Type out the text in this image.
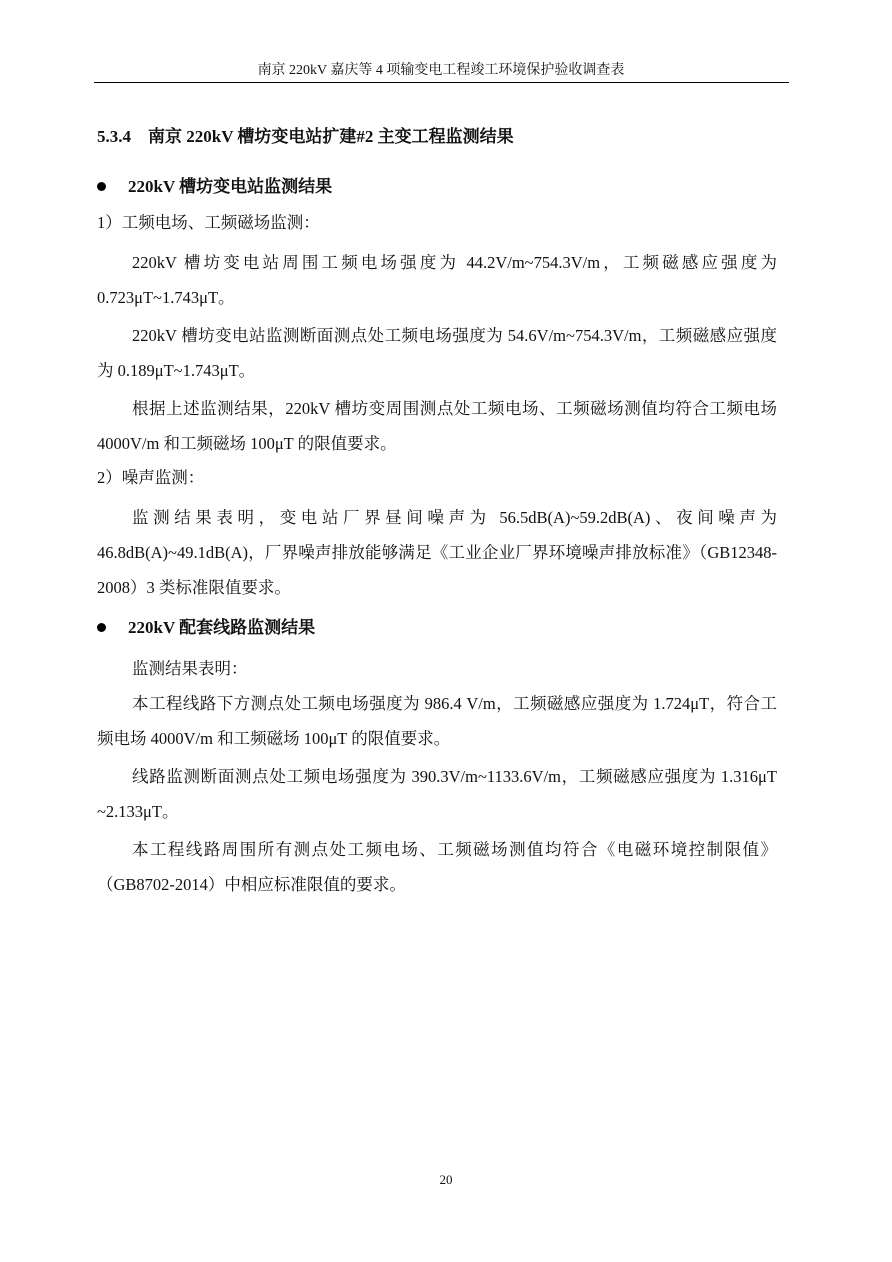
南京 220kV 嘉庆等 4 项输变电工程竣工环境保护验收调查表
5.3.4　南京 220kV 槽坊变电站扩建#2 主变工程监测结果
220kV 槽坊变电站监测结果
1）工频电场、工频磁场监测：

220kV 槽坊变电站周围工频电场强度为 44.2V/m~754.3V/m，工频磁感应强度为 0.723μT~1.743μT。

220kV 槽坊变电站监测断面测点处工频电场强度为 54.6V/m~754.3V/m，工频磁感应强度为 0.189μT~1.743μT。

根据上述监测结果，220kV 槽坊变周围测点处工频电场、工频磁场测值均符合工频电场 4000V/m 和工频磁场 100μT 的限值要求。

2）噪声监测：

监测结果表明，变电站厂界昼间噪声为 56.5dB(A)~59.2dB(A)、夜间噪声为 46.8dB(A)~49.1dB(A)，厂界噪声排放能够满足《工业企业厂界环境噪声排放标准》（GB12348-2008）3 类标准限值要求。

220kV 配套线路监测结果

监测结果表明：

本工程线路下方测点处工频电场强度为 986.4 V/m，工频磁感应强度为 1.724μT，符合工频电场 4000V/m 和工频磁场 100μT 的限值要求。

线路监测断面测点处工频电场强度为 390.3V/m~1133.6V/m，工频磁感应强度为 1.316μT ~2.133μT。

本工程线路周围所有测点处工频电场、工频磁场测值均符合《电磁环境控制限值》（GB8702-2014）中相应标准限值的要求。

20
